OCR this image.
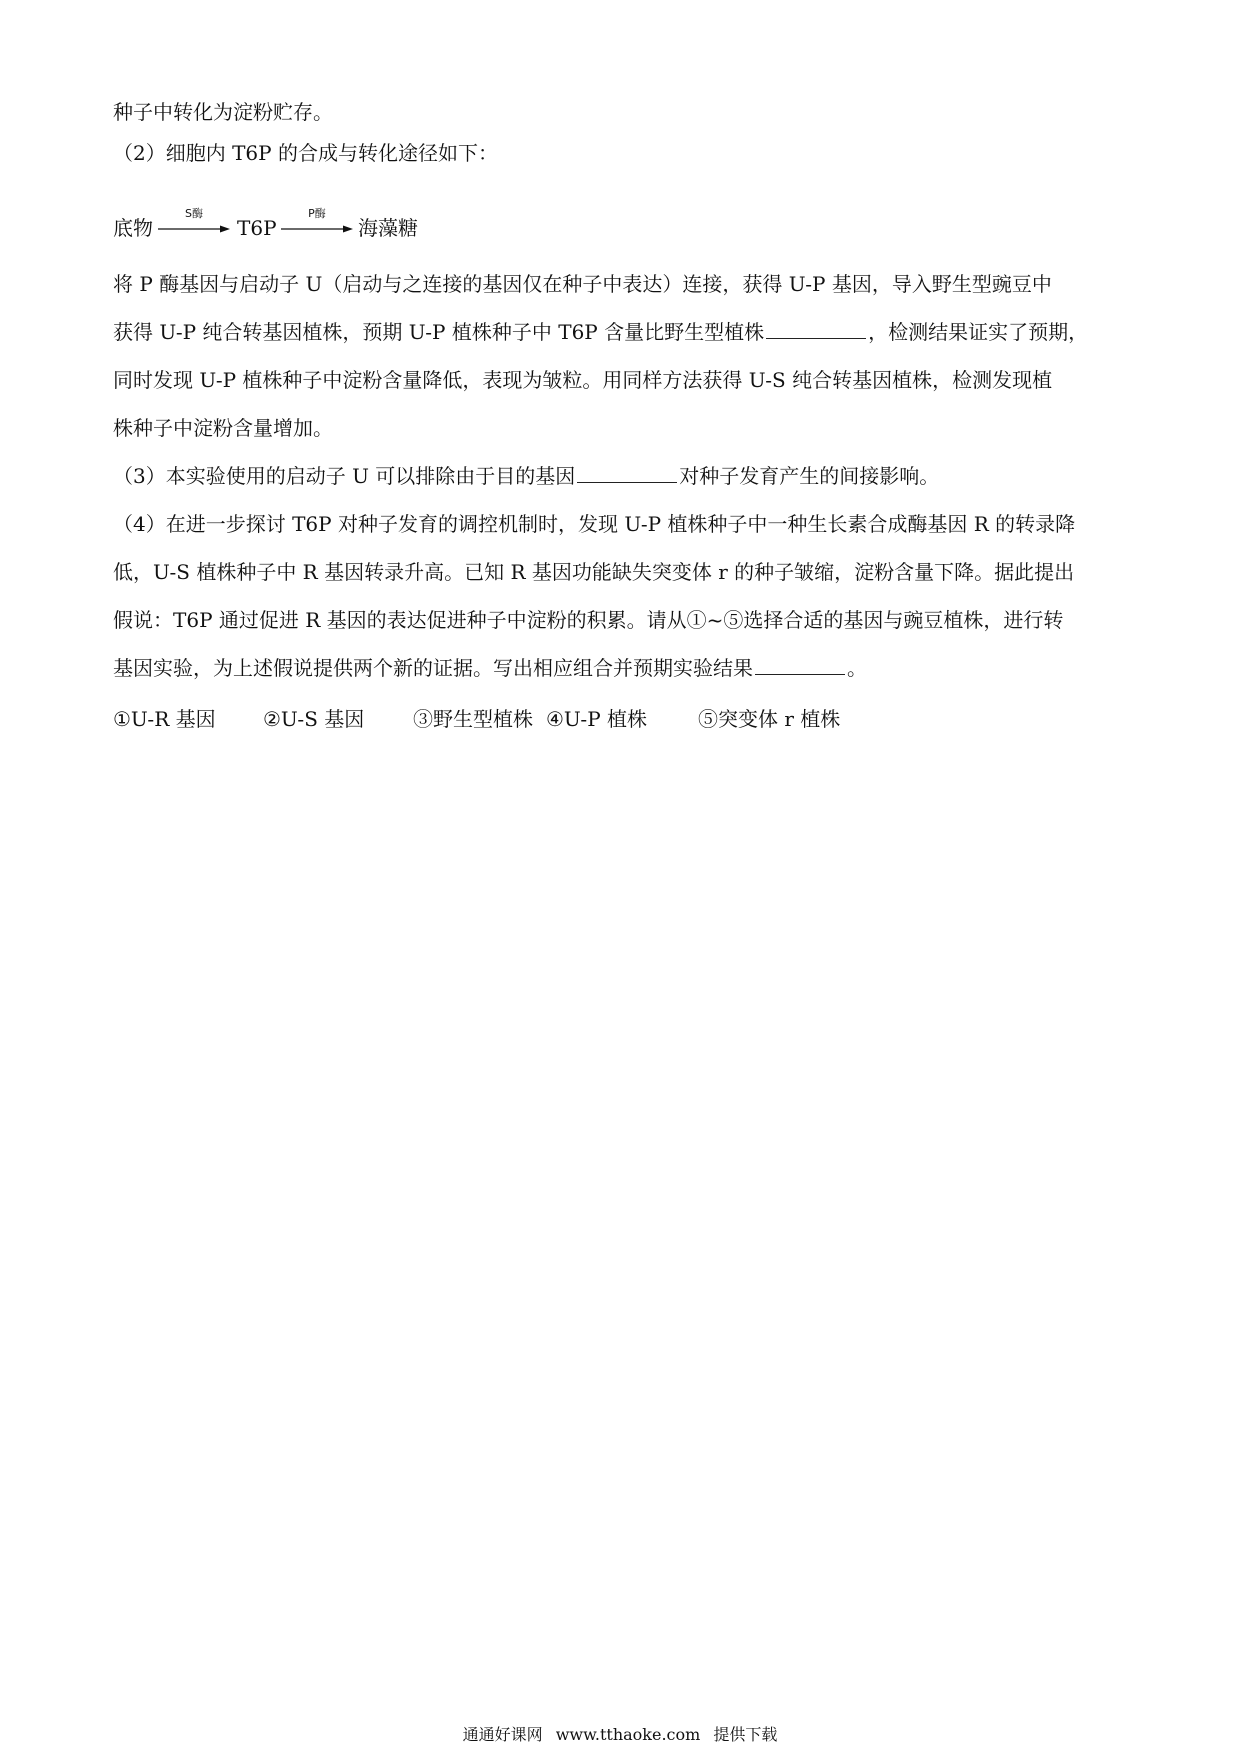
种子中转化为淀粉贮存。
（2）细胞内 T6P 的合成与转化途径如下：
底物
S酶
T6P
P酶
海藻糖
将 P 酶基因与启动子 U（启动与之连接的基因仅在种子中表达）连接，获得 U-P 基因，导入野生型豌豆中
获得 U-P 纯合转基因植株，预期 U-P 植株种子中 T6P 含量比野生型植株	，检测结果证实了预期，
同时发现 U-P 植株种子中淀粉含量降低，表现为皱粒。用同样方法获得 U-S 纯合转基因植株，检测发现植
株种子中淀粉含量增加。
（3）本实验使用的启动子 U 可以排除由于目的基因	对种子发育产生的间接影响。
（4）在进一步探讨 T6P 对种子发育的调控机制时，发现 U-P 植株种子中一种生长素合成酶基因 R 的转录降
低，U-S 植株种子中 R 基因转录升高。已知 R 基因功能缺失突变体 r 的种子皱缩，淀粉含量下降。据此提出
假说：T6P 通过促进 R 基因的表达促进种子中淀粉的积累。请从①~⑤选择合适的基因与豌豆植株，进行转
基因实验，为上述假说提供两个新的证据。写出相应组合并预期实验结果	。
①U-R 基因 ②U-S 基因 ③野生型植株 ④U-P 植株	⑤突变体 r 植株
通通好课网 www.tthaoke.com 提供下载
